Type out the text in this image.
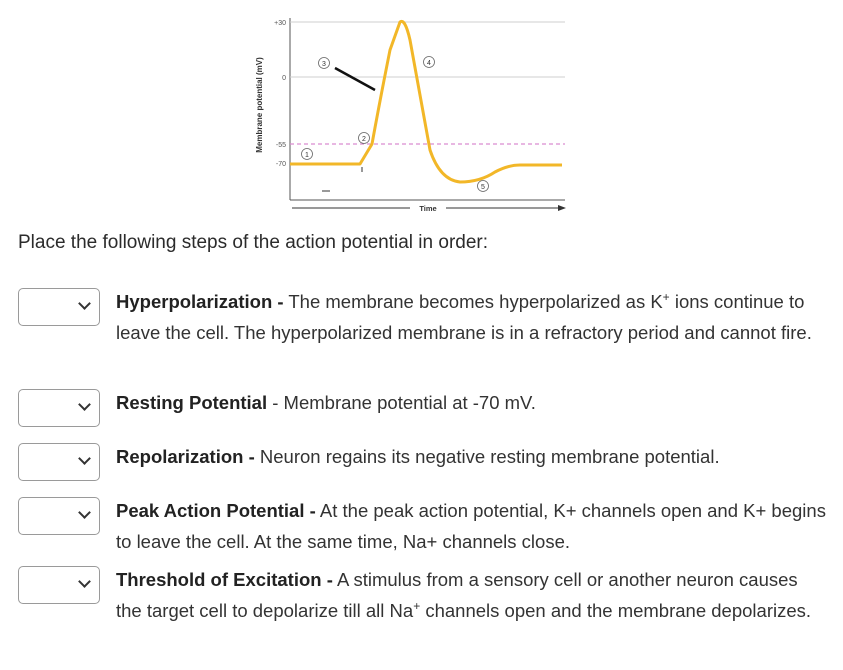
Membrane potential (mV)
+30
0
-55
-70
1
2
3	4
5
Time
Place the following steps of the action potential in order:
Hyperpolarization - The membrane becomes hyperpolarized as K+ ions continue to leave the cell. The hyperpolarized membrane is in a refractory period and cannot fire.
Resting Potential - Membrane potential at -70 mV.
Repolarization - Neuron regains its negative resting membrane potential.
Peak Action Potential - At the peak action potential, K+ channels open and K+ begins to leave the cell. At the same time, Na+ channels close.
Threshold of Excitation - A stimulus from a sensory cell or another neuron causes the target cell to depolarize till all Na+ channels open and the membrane depolarizes.
